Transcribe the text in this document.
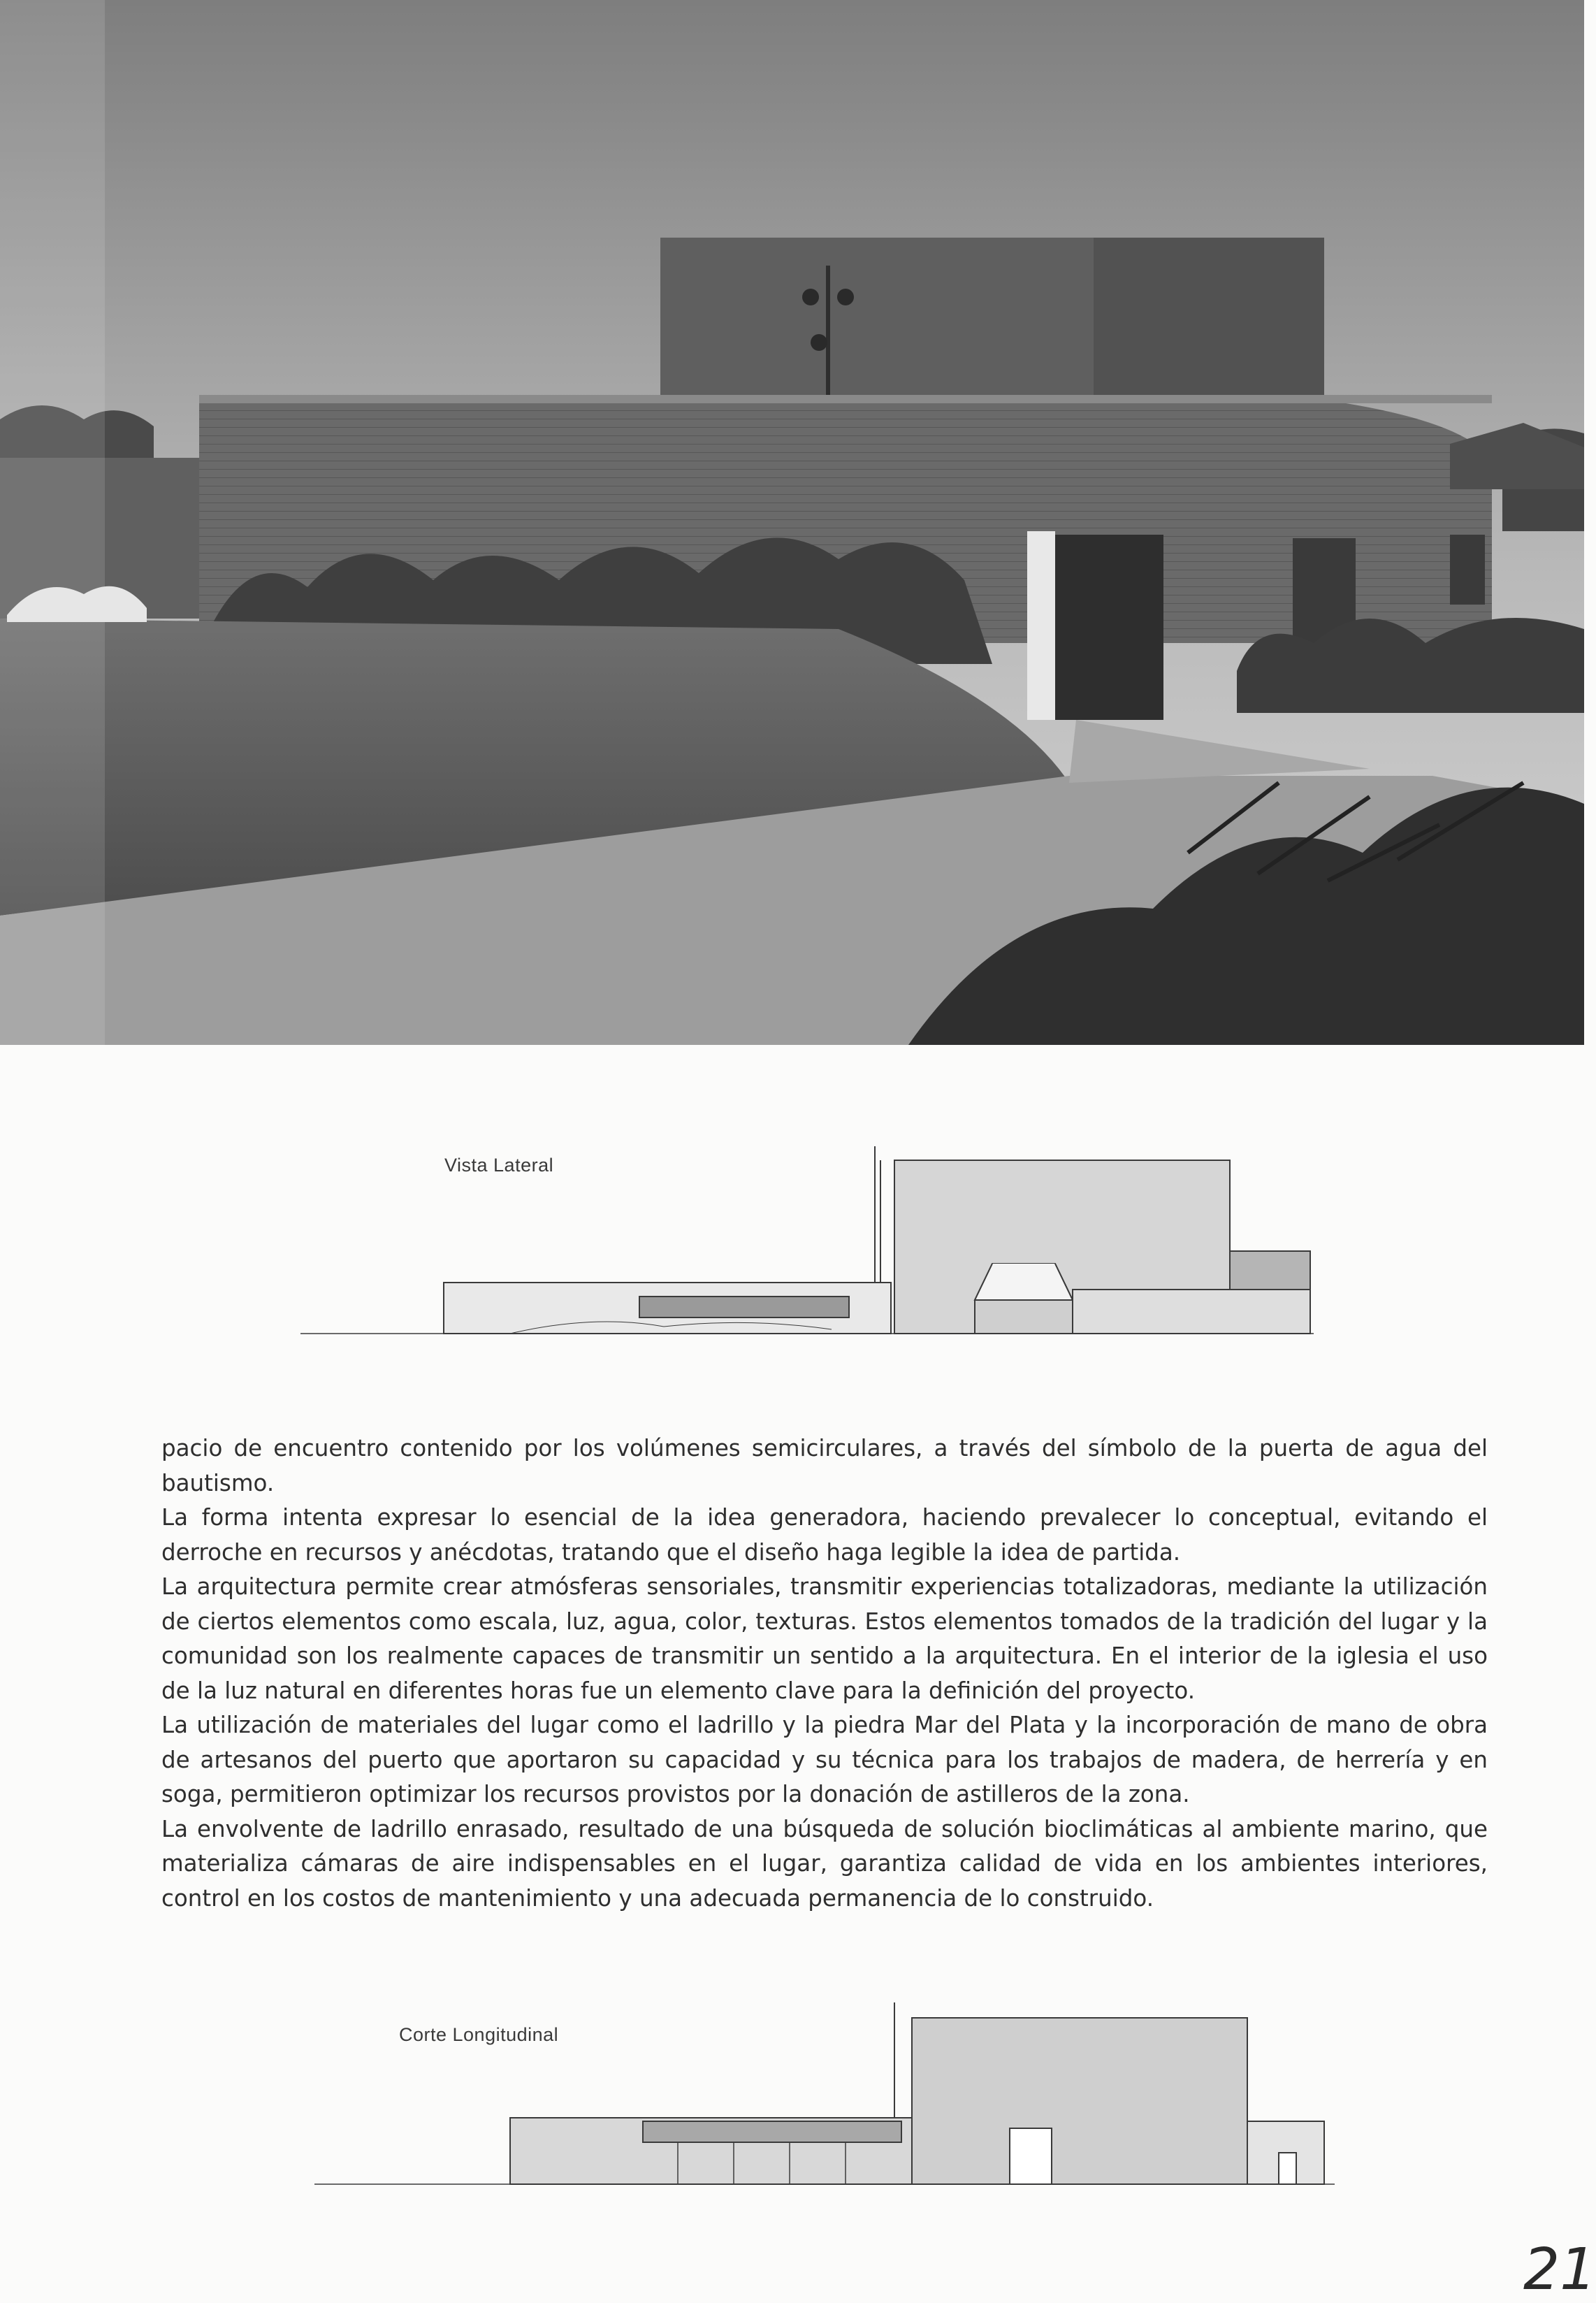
Vista Lateral

pacio de encuentro contenido por los volúmenes semicirculares, a través del símbolo de la puerta de agua del bautismo.

La forma intenta expresar lo esencial de la idea generadora, haciendo prevalecer lo conceptual, evitando el derroche en recursos y anécdotas, tratando que el diseño haga legible la idea de partida.

La arquitectura permite crear atmósferas sensoriales, transmitir experiencias totalizadoras, mediante la utilización de ciertos elementos como escala, luz, agua, color, texturas. Estos elementos tomados de la tradición del lugar y la comunidad son los realmente capaces de transmitir un sentido a la arquitectura. En el interior de la iglesia el uso de la luz natural en diferentes horas fue un elemento clave para la definición del proyecto.

La utilización de materiales del lugar como el ladrillo y la piedra Mar del Plata y la incorporación de mano de obra de artesanos del puerto que aportaron su capacidad y su técnica para los trabajos de madera, de herrería y en soga, permitieron optimizar los recursos provistos por la donación de astilleros de la zona.

La envolvente de ladrillo enrasado, resultado de una búsqueda de solución bioclimáticas al ambiente marino, que materializa cámaras de aire indispensables en el lugar, garantiza calidad de vida en los ambientes interiores, control en los costos de mantenimiento y una adecuada permanencia de lo construido.

Corte Longitudinal
21
